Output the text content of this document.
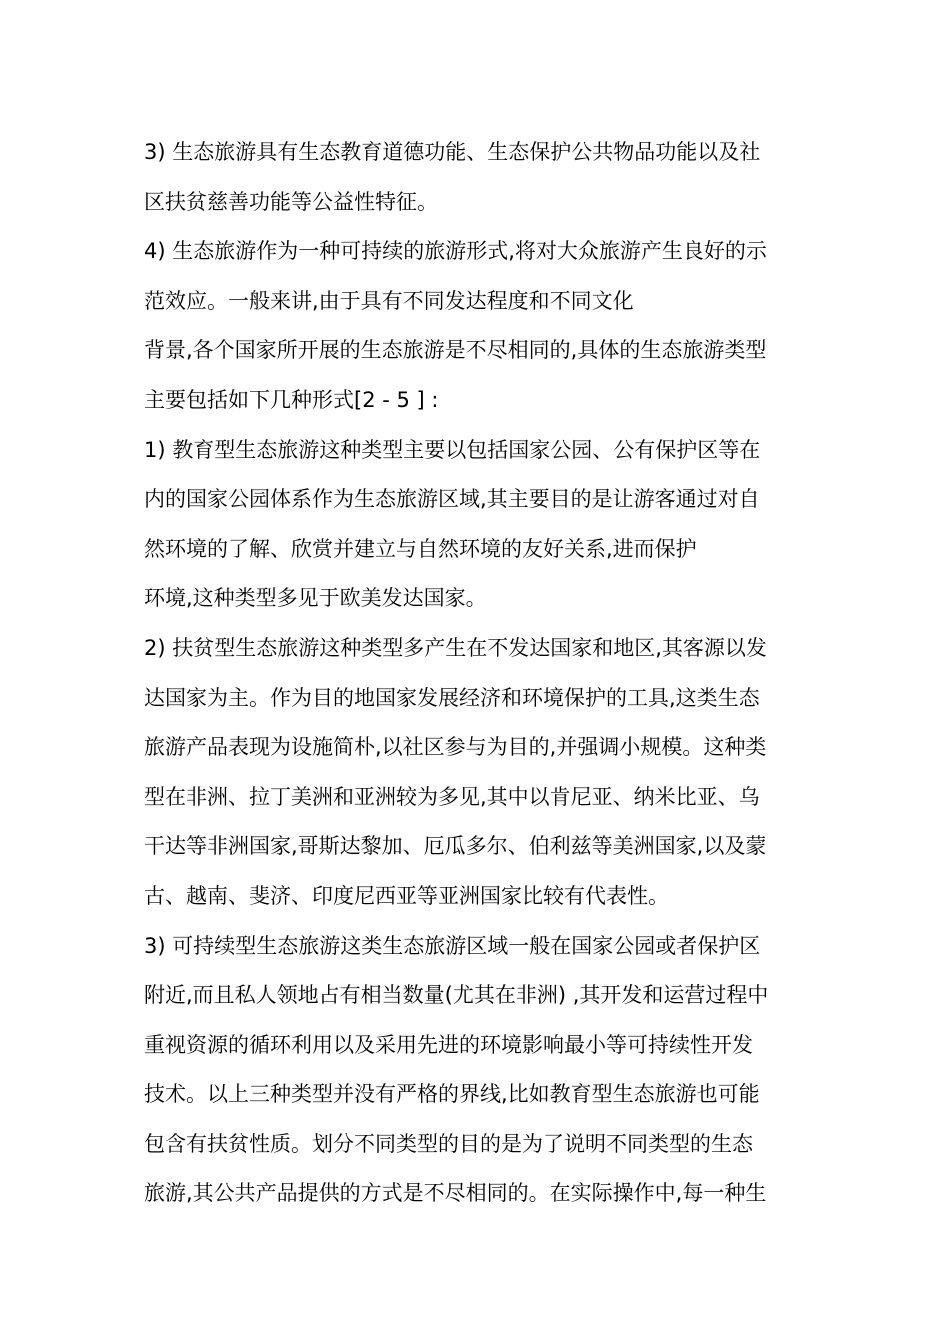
3) 生态旅游具有生态教育道德功能、生态保护公共物品功能以及社
区扶贫慈善功能等公益性特征。
4) 生态旅游作为一种可持续的旅游形式,将对大众旅游产生良好的示
范效应。一般来讲,由于具有不同发达程度和不同文化
背景,各个国家所开展的生态旅游是不尽相同的,具体的生态旅游类型
主要包括如下几种形式[2 - 5 ] :
1) 教育型生态旅游这种类型主要以包括国家公园、公有保护区等在
内的国家公园体系作为生态旅游区域,其主要目的是让游客通过对自
然环境的了解、欣赏并建立与自然环境的友好关系,进而保护
环境,这种类型多见于欧美发达国家。
2) 扶贫型生态旅游这种类型多产生在不发达国家和地区,其客源以发
达国家为主。作为目的地国家发展经济和环境保护的工具,这类生态
旅游产品表现为设施简朴,以社区参与为目的,并强调小规模。这种类
型在非洲、拉丁美洲和亚洲较为多见,其中以肯尼亚、纳米比亚、乌
干达等非洲国家,哥斯达黎加、厄瓜多尔、伯利兹等美洲国家,以及蒙
古、越南、斐济、印度尼西亚等亚洲国家比较有代表性。
3) 可持续型生态旅游这类生态旅游区域一般在国家公园或者保护区
附近,而且私人领地占有相当数量(尤其在非洲) ,其开发和运营过程中
重视资源的循环利用以及采用先进的环境影响最小等可持续性开发
技术。以上三种类型并没有严格的界线,比如教育型生态旅游也可能
包含有扶贫性质。划分不同类型的目的是为了说明不同类型的生态
旅游,其公共产品提供的方式是不尽相同的。在实际操作中,每一种生
